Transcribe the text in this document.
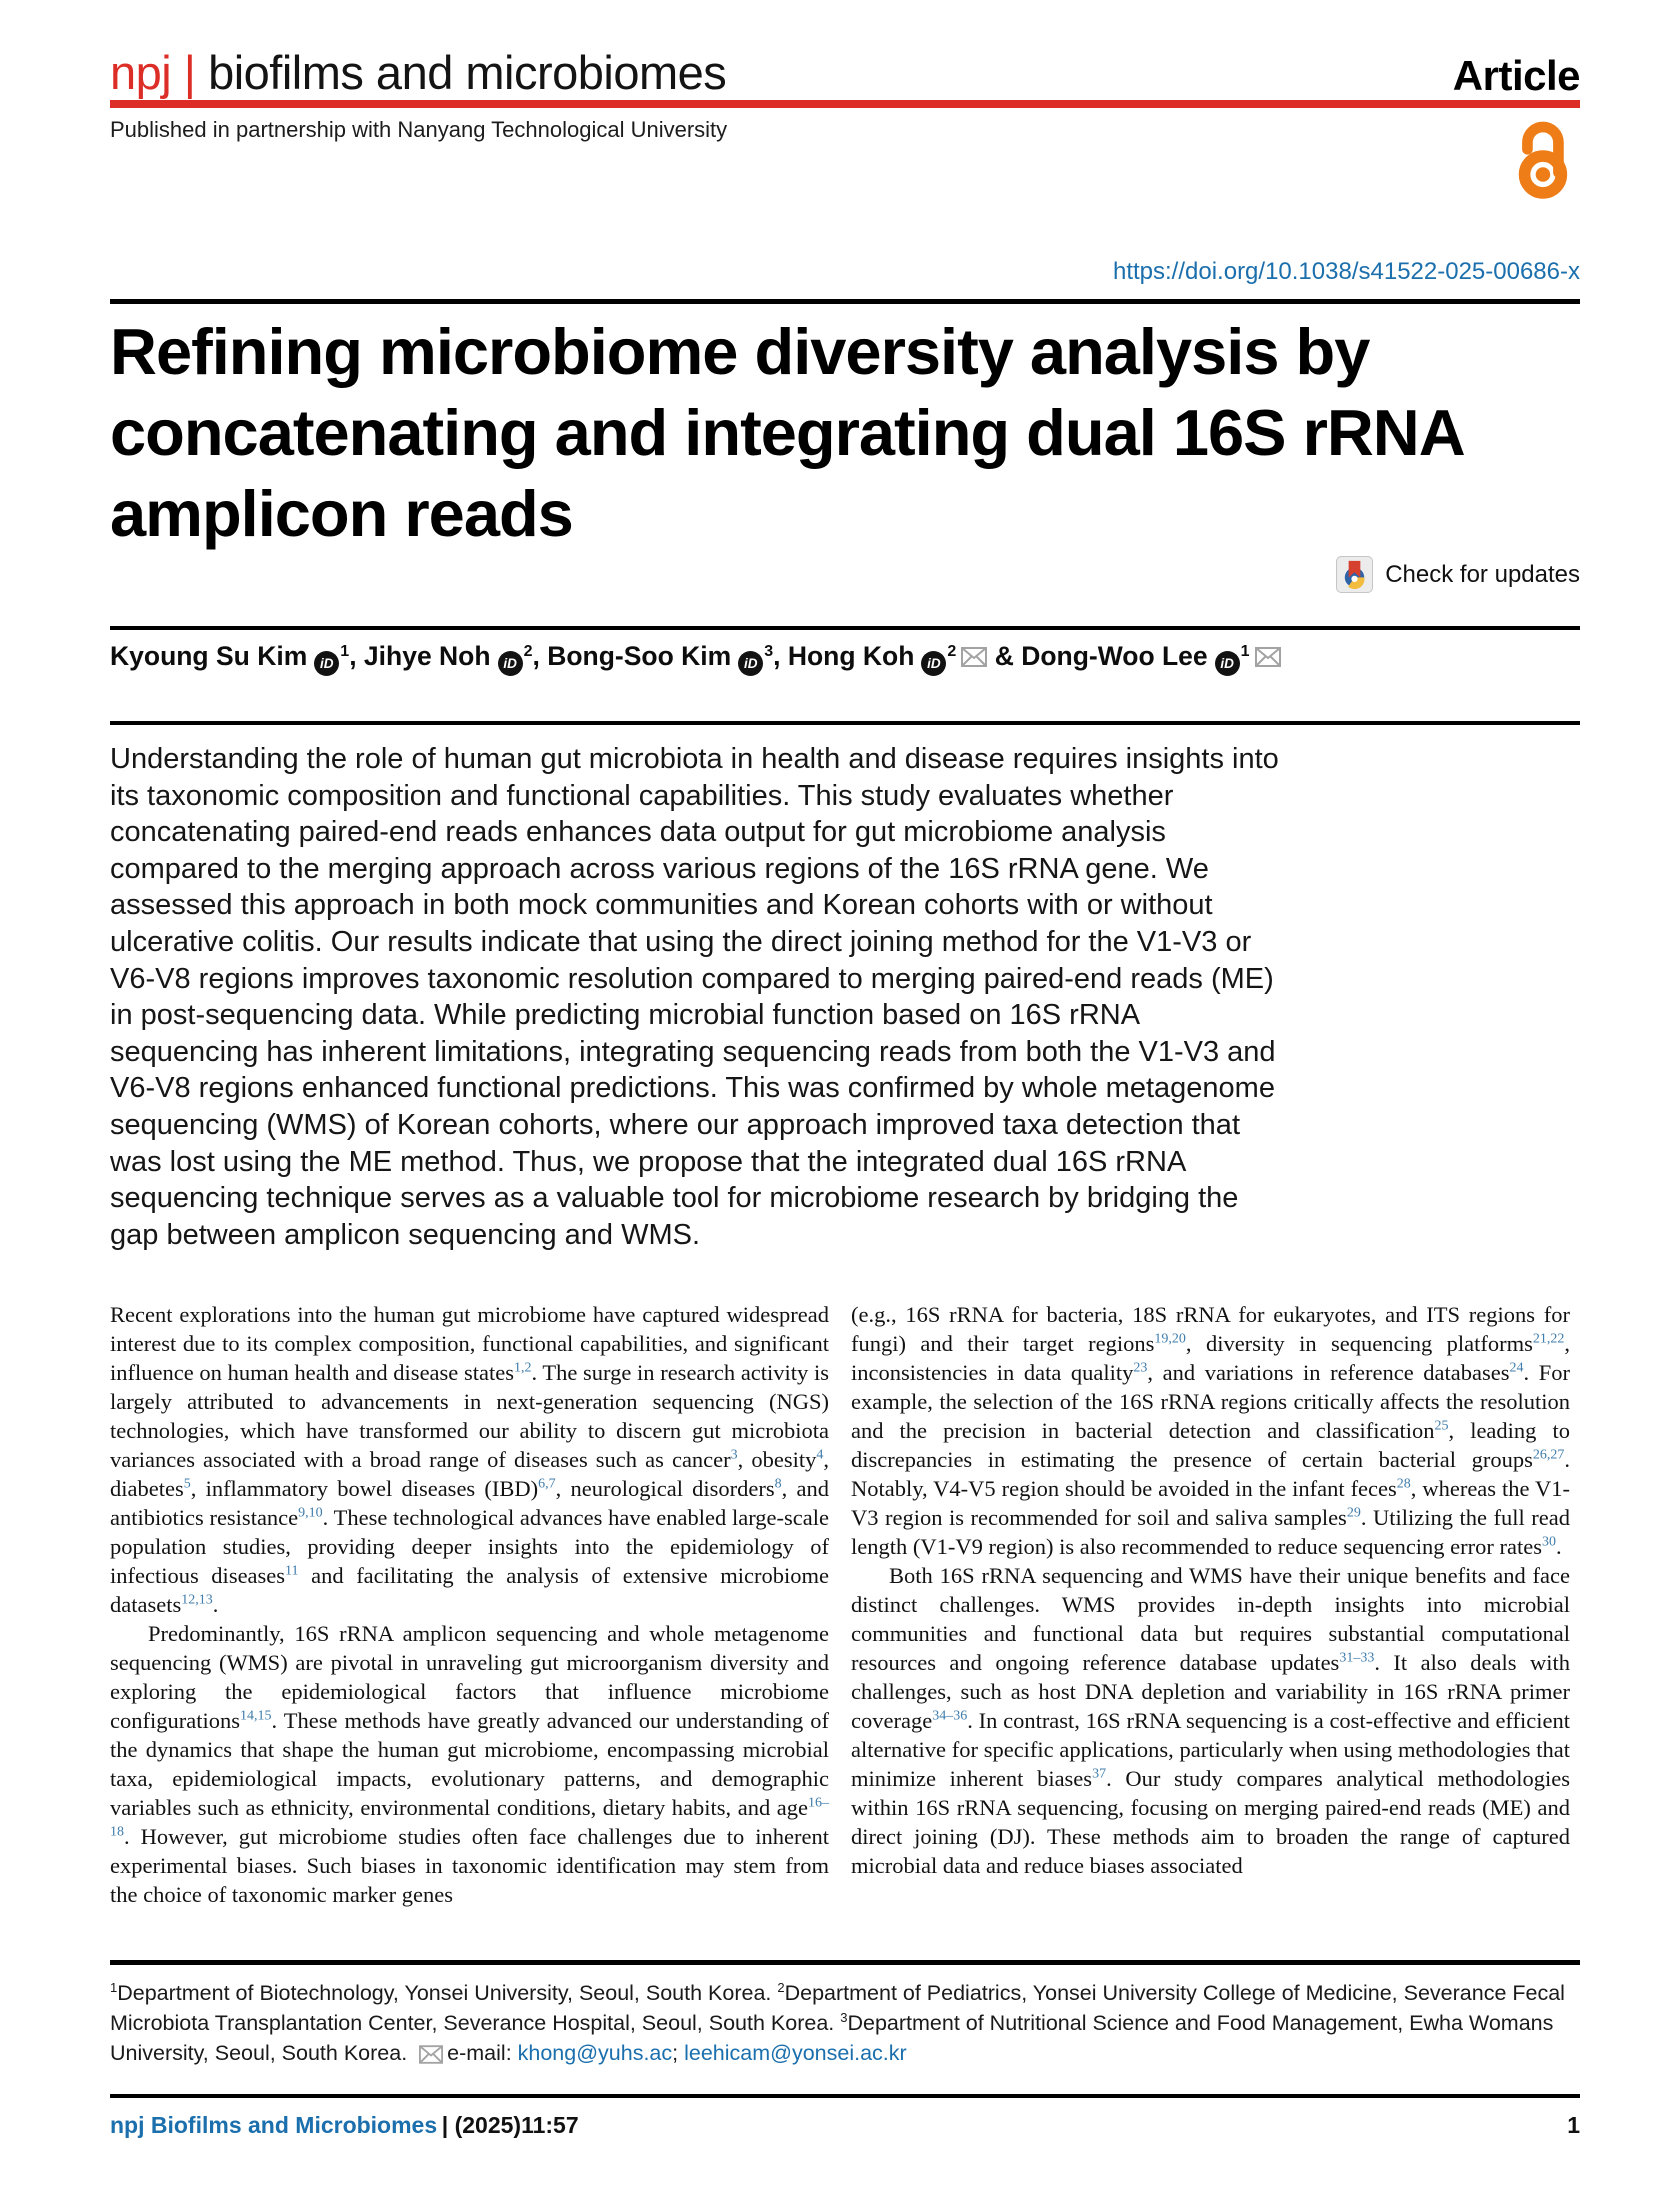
npj | biofilms and microbiomes	Article
Published in partnership with Nanyang Technological University
https://doi.org/10.1038/s41522-025-00686-x
Refining microbiome diversity analysis by concatenating and integrating dual 16S rRNA amplicon reads
Check for updates
Kyoung Su Kim $iD^1$, Jihye Noh $iD^2$, Bong-Soo Kim $iD^3$, Hong Koh $iD^2$ & Dong-Woo Lee $iD^1$
Understanding the role of human gut microbiota in health and disease requires insights into its taxonomic composition and functional capabilities. This study evaluates whether concatenating paired-end reads enhances data output for gut microbiome analysis compared to the merging approach across various regions of the 16S rRNA gene. We assessed this approach in both mock communities and Korean cohorts with or without ulcerative colitis. Our results indicate that using the direct joining method for the V1-V3 or V6-V8 regions improves taxonomic resolution compared to merging paired-end reads (ME) in post-sequencing data. While predicting microbial function based on 16S rRNA sequencing has inherent limitations, integrating sequencing reads from both the V1-V3 and V6-V8 regions enhanced functional predictions. This was confirmed by whole metagenome sequencing (WMS) of Korean cohorts, where our approach improved taxa detection that was lost using the ME method. Thus, we propose that the integrated dual 16S rRNA sequencing technique serves as a valuable tool for microbiome research by bridging the gap between amplicon sequencing and WMS.

Recent explorations into the human gut microbiome have captured widespread interest due to its complex composition, functional capabilities, and significant influence on human health and disease states$^{1,2}$. The surge in research activity is largely attributed to advancements in next-generation sequencing (NGS) technologies, which have transformed our ability to discern gut microbiota variances associated with a broad range of diseases such as cancer$^3$, obesity$^4$, diabetes$^5$, inflammatory bowel diseases (IBD)$^{6,7}$, neurological disorders$^8$, and antibiotics resistance$^{9,10}$. These technological advances have enabled large-scale population studies, providing deeper insights into the epidemiology of infectious diseases$^{11}$ and facilitating the analysis of extensive microbiome datasets$^{12,13}$.

Predominantly, 16S rRNA amplicon sequencing and whole metagenome sequencing (WMS) are pivotal in unraveling gut microorganism diversity and exploring the epidemiological factors that influence microbiome configurations$^{14,15}$. These methods have greatly advanced our understanding of the dynamics that shape the human gut microbiome, encompassing microbial taxa, epidemiological impacts, evolutionary patterns, and demographic variables such as ethnicity, environmental conditions, dietary habits, and age$^{16-18}$. However, gut microbiome studies often face challenges due to inherent experimental biases. Such biases in taxonomic identification may stem from the choice of taxonomic marker genes

(e.g., 16S rRNA for bacteria, 18S rRNA for eukaryotes, and ITS regions for fungi) and their target regions$^{19,20}$, diversity in sequencing platforms$^{21,22}$, inconsistencies in data quality$^{23}$, and variations in reference databases$^{24}$. For example, the selection of the 16S rRNA regions critically affects the resolution and the precision in bacterial detection and classification$^{25}$, leading to discrepancies in estimating the presence of certain bacterial groups$^{26,27}$. Notably, V4-V5 region should be avoided in the infant feces$^{28}$, whereas the V1-V3 region is recommended for soil and saliva samples$^{29}$. Utilizing the full read length (V1-V9 region) is also recommended to reduce sequencing error rates$^{30}$.

Both 16S rRNA sequencing and WMS have their unique benefits and face distinct challenges. WMS provides in-depth insights into microbial communities and functional data but requires substantial computational resources and ongoing reference database updates$^{31-33}$. It also deals with challenges, such as host DNA depletion and variability in 16S rRNA primer coverage$^{34-36}$. In contrast, 16S rRNA sequencing is a cost-effective and efficient alternative for specific applications, particularly when using methodologies that minimize inherent biases$^{37}$. Our study compares analytical methodologies within 16S rRNA sequencing, focusing on merging paired-end reads (ME) and direct joining (DJ). These methods aim to broaden the range of captured microbial data and reduce biases associated

$^1$Department of Biotechnology, Yonsei University, Seoul, South Korea. $^2$Department of Pediatrics, Yonsei University College of Medicine, Severance Fecal Microbiota Transplantation Center, Severance Hospital, Seoul, South Korea. $^3$Department of Nutritional Science and Food Management, Ewha Womans University, Seoul, South Korea. e-mail: khong@yuhs.ac; leehicam@yonsei.ac.kr

npj Biofilms and Microbiomes | (2025)11:57	1
